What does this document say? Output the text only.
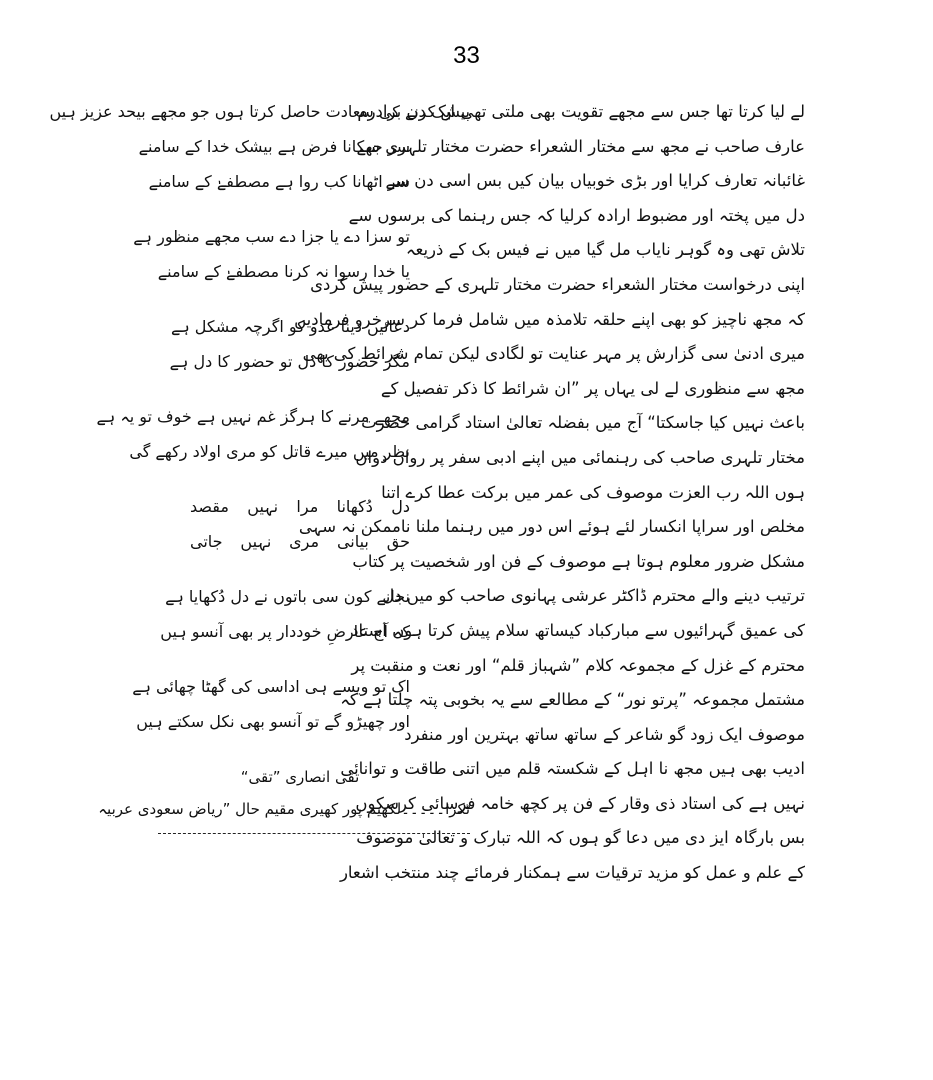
33
لے لیا کرتا تھا جس سے مجھے تقویت بھی ملتی تھی ایک دن برادرم
عارف صاحب نے مجھ سے مختار الشعراء حضرت مختار تلہری سے
غائبانہ تعارف کرایا اور بڑی خوبیاں بیان کیں بس اسی دن سے
دل میں پختہ اور مضبوط ارادہ کرلیا کہ جس رہنما کی برسوں سے
تلاش تھی وہ گوہر نایاب مل گیا میں نے فیس بک کے ذریعہ
اپنی درخواست مختار الشعراء حضرت مختار تلہری کے حضور پیش کردی
کہ مجھ ناچیز کو بھی اپنے حلقہ تلامذہ میں شامل فرما کر سرخرو فرمادیں
میری ادنیٰ سی گزارش پر مہر عنایت تو لگادی لیکن تمام شرائط کی بھی
مجھ سے منظوری لے لی یہاں پر ”ان شرائط کا ذکر تفصیل کے
باعث نہیں کیا جاسکتا“ آج میں بفضلہ تعالیٰ استاد گرامی حضرت
مختار تلہری صاحب کی رہنمائی میں اپنے ادبی سفر پر رواں دواں
ہوں اللہ رب العزت موصوف کی عمر میں برکت عطا کرے اتنا
مخلص اور سراپا انکسار لئے ہوئے اس دور میں رہنما ملنا ناممکن نہ سہی
مشکل ضرور معلوم ہوتا ہے موصوف کے فن اور شخصیت پر کتاب
ترتیب دینے والے محترم ڈاکٹر عرشی پہانوی صاحب کو میں دل
کی عمیق گہرائیوں سے مبارکباد کیساتھ سلام پیش کرتا ہوں استاد
محترم کے غزل کے مجموعہ کلام ”شہباز قلم“ اور نعت و منقبت پر
مشتمل مجموعہ ”پرتو نور“ کے مطالعے سے یہ بخوبی پتہ چلتا ہے کہ
موصوف ایک زود گو شاعر کے ساتھ ساتھ بہترین اور منفرد
ادیب بھی ہیں مجھ نا اہل کے شکستہ قلم میں اتنی طاقت و توانائی
نہیں ہے کی استاد ذی وقار کے فن پر کچھ خامہ فرسائی کرسکوں
بس بارگاہ ایز دی میں دعا گو ہوں کہ اللہ تبارک و تعالیٰ موصوف
کے علم و عمل کو مزید ترقیات سے ہمکنار فرمائے چند منتخب اشعار
پیش کرنے کی سعادت حاصل کرتا ہوں جو مجھے بیحد عزیز ہیں
سر جھکانا فرض ہے بیشک خدا کے سامنے
سر اٹھانا کب روا ہے مصطفےٰ کے سامنے
تو سزا دے یا جزا دے سب مجھے منظور ہے
یا خدا رسوا نہ کرنا مصطفےٰ کے سامنے
دعائیں دینا عدو کو اگرچہ مشکل ہے
مگر حضور کا دل تو حضور کا دل ہے
مجھے مرنے کا ہرگز غم نہیں ہے خوف تو یہ ہے
نظر میں میرے قاتل کو مری اولاد رکھے گی
دل دُکھانا مرا نہیں مقصد
حق بیانی مری نہیں جاتی
نجانے کون سی باتوں نے دل دُکھایا ہے
کہ آج عارضِ خوددار پر بھی آنسو ہیں
اک تو ویسے ہی اداسی کی گھٹا چھائی ہے
اور چھیڑو گے تو آنسو بھی نکل سکتے ہیں
تقی انصاری ”تقی“
ٹکرا۔۔۔۔۔لکھیم پور کھیری مقیم حال ”ریاض سعودی عربیہ
